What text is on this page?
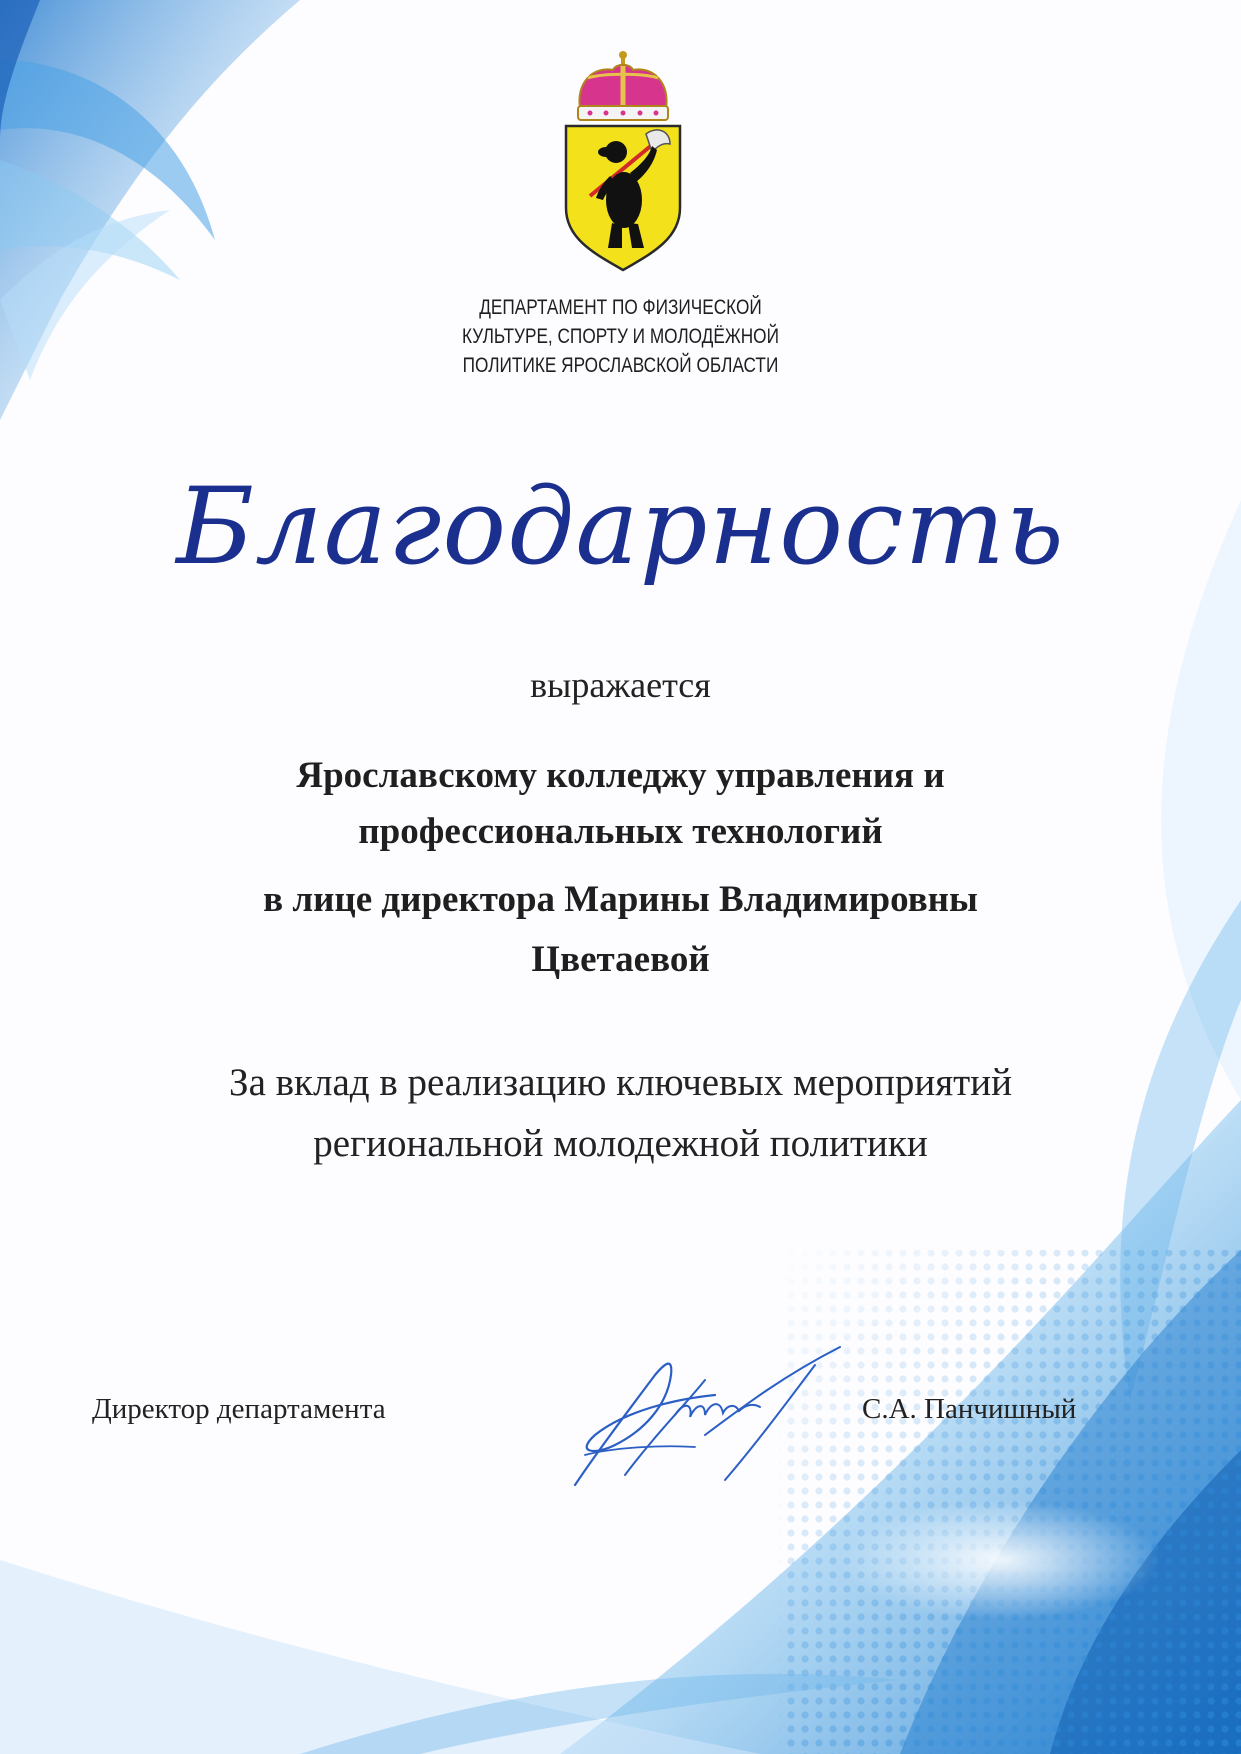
ДЕПАРТАМЕНТ ПО ФИЗИЧЕСКОЙ
КУЛЬТУРЕ, СПОРТУ И МОЛОДЁЖНОЙ
ПОЛИТИКЕ ЯРОСЛАВСКОЙ ОБЛАСТИ
Благодарность
выражается
Ярославскому колледжу управления и
профессиональных технологий
в лице директора Марины Владимировны
Цветаевой
За вклад в реализацию ключевых мероприятий
региональной молодежной политики
Директор департамента	С.А. Панчишный
